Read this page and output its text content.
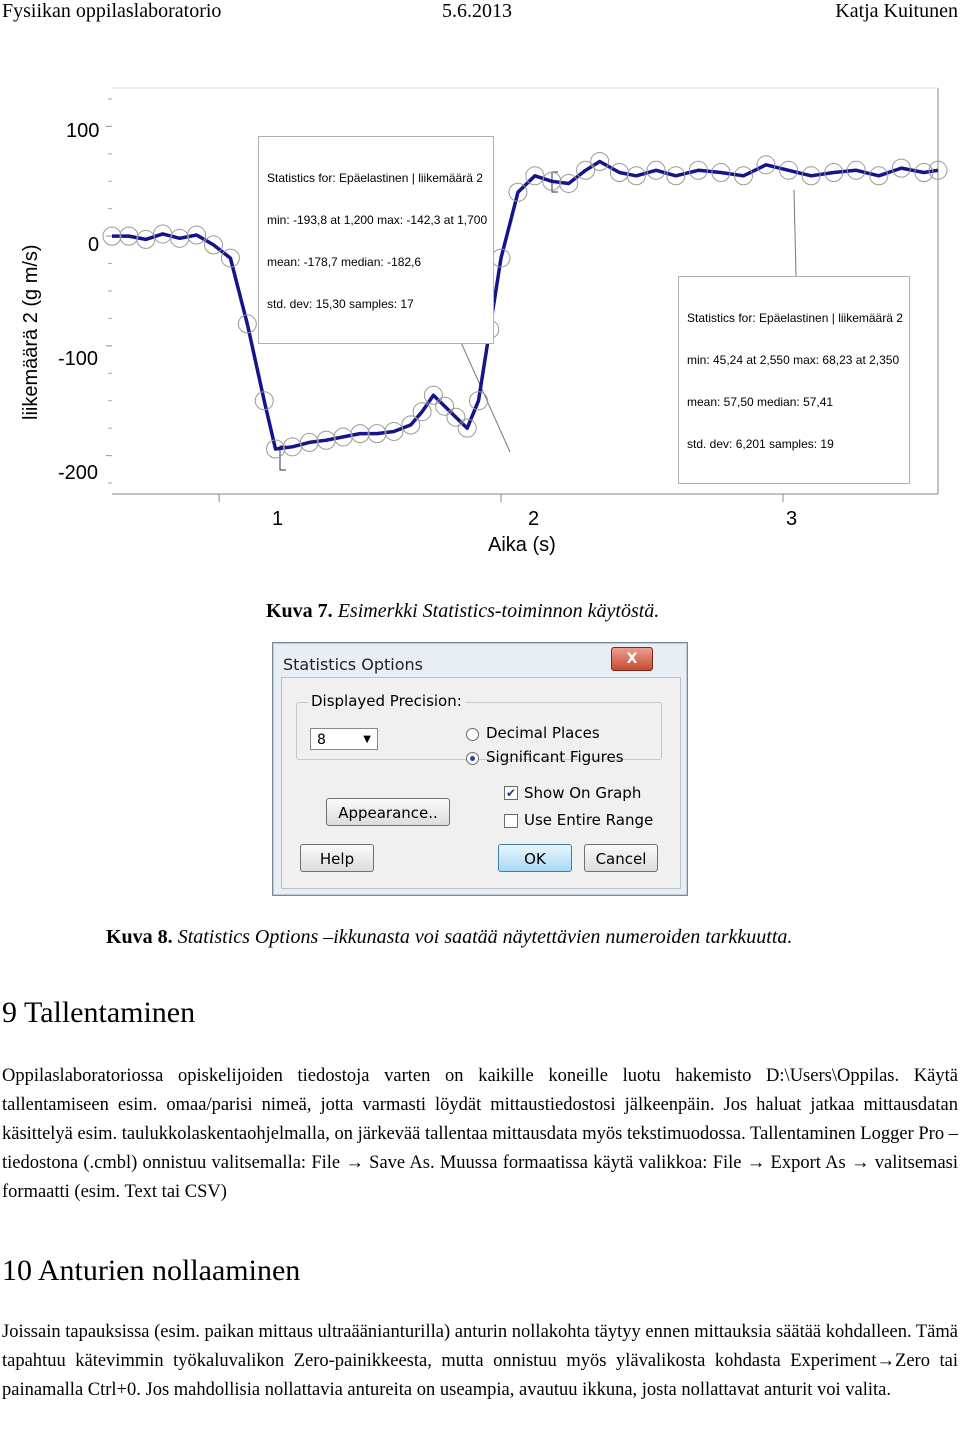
Fysiikan oppilaslaboratorio	5.6.2013	Katja Kuitunen
liikemäärä 2 (g m/s)
100
0
-100
-200
1	2	3
Aika (s)

Statistics for: Epäelastinen | liikemäärä 2

min: -193,8 at 1,200 max: -142,3 at 1,700

mean: -178,7 median: -182,6

std. dev: 15,30 samples: 17

Statistics for: Epäelastinen | liikemäärä 2

min: 45,24 at 2,550 max: 68,23 at 2,350

mean: 57,50 median: 57,41

std. dev: 6,201 samples: 19

Kuva 7. Esimerkki Statistics-toiminnon käytöstä.
Statistics Options	X
Displayed Precision:
8	▼	Decimal Places
Significant Figures
Appearance..
✔ Show On Graph
Use Entire Range
Help	OK	Cancel
Kuva 8. Statistics Options –ikkunasta voi saatää näytettävien numeroiden tarkkuutta.
9 Tallentaminen
Oppilaslaboratoriossa opiskelijoiden tiedostoja varten on kaikille koneille luotu hakemisto D:\Users\Oppilas. Käytä tallentamiseen esim. omaa/parisi nimeä, jotta varmasti löydät mittaustiedostosi jälkeenpäin. Jos haluat jatkaa mittausdatan käsittelyä esim. taulukkolaskentaohjelmalla, on järkevää tallentaa mittausdata myös tekstimuodossa. Tallentaminen Logger Pro –tiedostona (.cmbl) onnistuu valitsemalla: File → Save As. Muussa formaatissa käytä valikkoa: File → Export As → valitsemasi formaatti (esim. Text tai CSV)
10 Anturien nollaaminen
Joissain tapauksissa (esim. paikan mittaus ultraäänianturilla) anturin nollakohta täytyy ennen mittauksia säätää kohdalleen. Tämä tapahtuu kätevimmin työkaluvalikon Zero-painikkeesta, mutta onnistuu myös ylävalikosta kohdasta Experiment→Zero tai painamalla Ctrl+0. Jos mahdollisia nollattavia antureita on useampia, avautuu ikkuna, josta nollattavat anturit voi valita.
